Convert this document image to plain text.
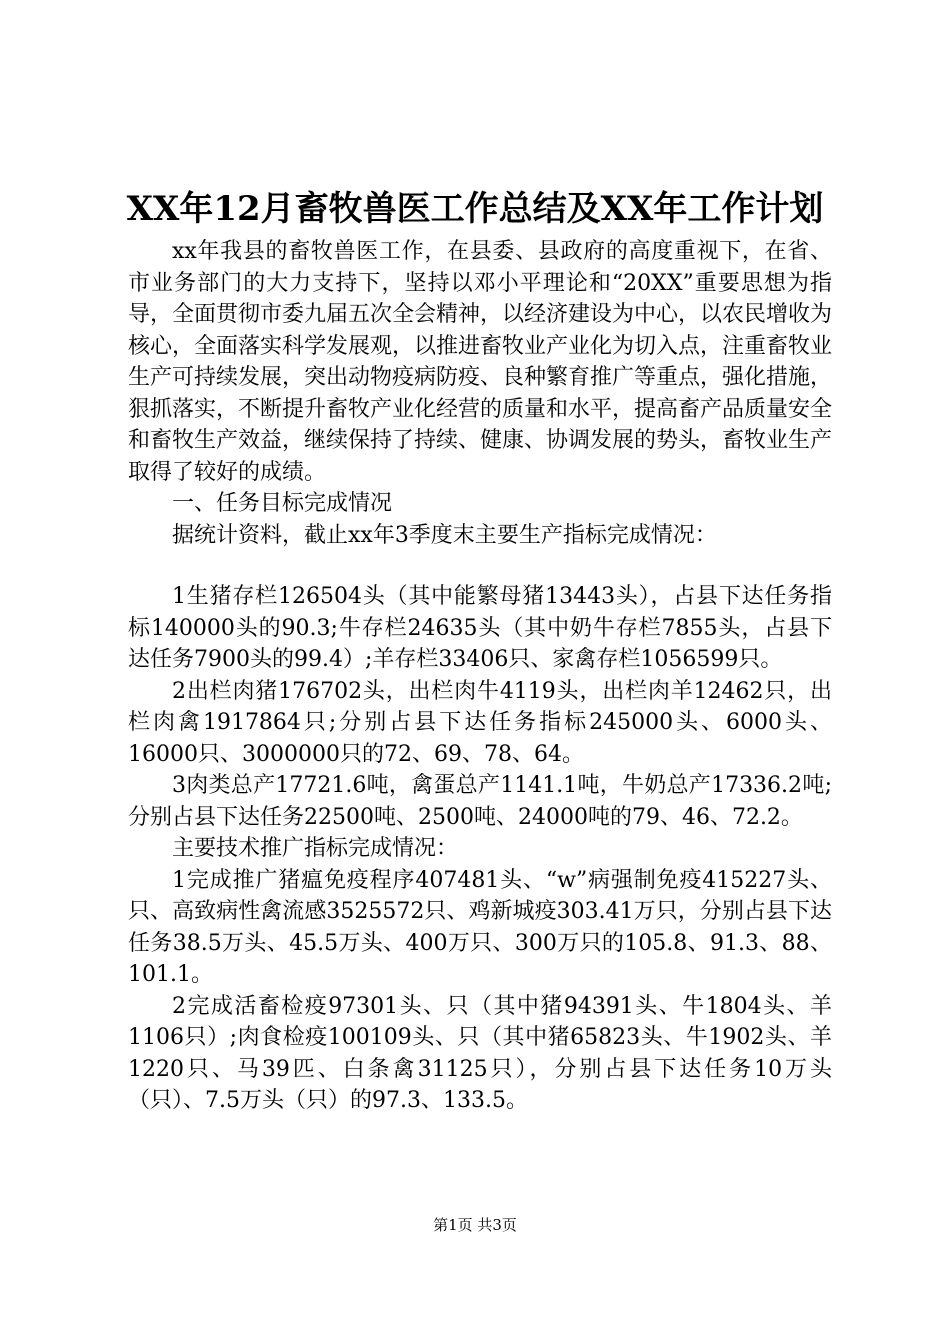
XX年12月畜牧兽医工作总结及XX年工作计划

xx年我县的畜牧兽医工作，在县委、县政府的高度重视下，在省、市业务部门的大力支持下，坚持以邓小平理论和“20XX”重要思想为指导，全面贯彻市委九届五次全会精神，以经济建设为中心，以农民增收为核心，全面落实科学发展观，以推进畜牧业产业化为切入点，注重畜牧业生产可持续发展，突出动物疫病防疫、良种繁育推广等重点，强化措施，狠抓落实，不断提升畜牧产业化经营的质量和水平，提高畜产品质量安全和畜牧生产效益，继续保持了持续、健康、协调发展的势头，畜牧业生产取得了较好的成绩。

一、任务目标完成情况

据统计资料，截止xx年3季度末主要生产指标完成情况：

1生猪存栏126504头（其中能繁母猪13443头），占县下达任务指标140000头的90.3;牛存栏24635头（其中奶牛存栏7855头，占县下达任务7900头的99.4）;羊存栏33406只、家禽存栏1056599只。

2出栏肉猪176702头，出栏肉牛4119头，出栏肉羊12462只，出栏肉禽1917864只;分别占县下达任务指标245000头、6000头、16000只、3000000只的72、69、78、64。

3肉类总产17721.6吨，禽蛋总产1141.1吨，牛奶总产17336.2吨;分别占县下达任务22500吨、2500吨、24000吨的79、46、72.2。

主要技术推广指标完成情况：

1完成推广猪瘟免疫程序407481头、“w”病强制免疫415227头、只、高致病性禽流感3525572只、鸡新城疫303.41万只，分别占县下达任务38.5万头、45.5万头、400万只、300万只的105.8、91.3、88、101.1。

2完成活畜检疫97301头、只（其中猪94391头、牛1804头、羊1106只）;肉食检疫100109头、只（其中猪65823头、牛1902头、羊1220只、马39匹、白条禽31125只），分别占县下达任务10万头（只）、7.5万头（只）的97.3、133.5。

第1页 共3页
